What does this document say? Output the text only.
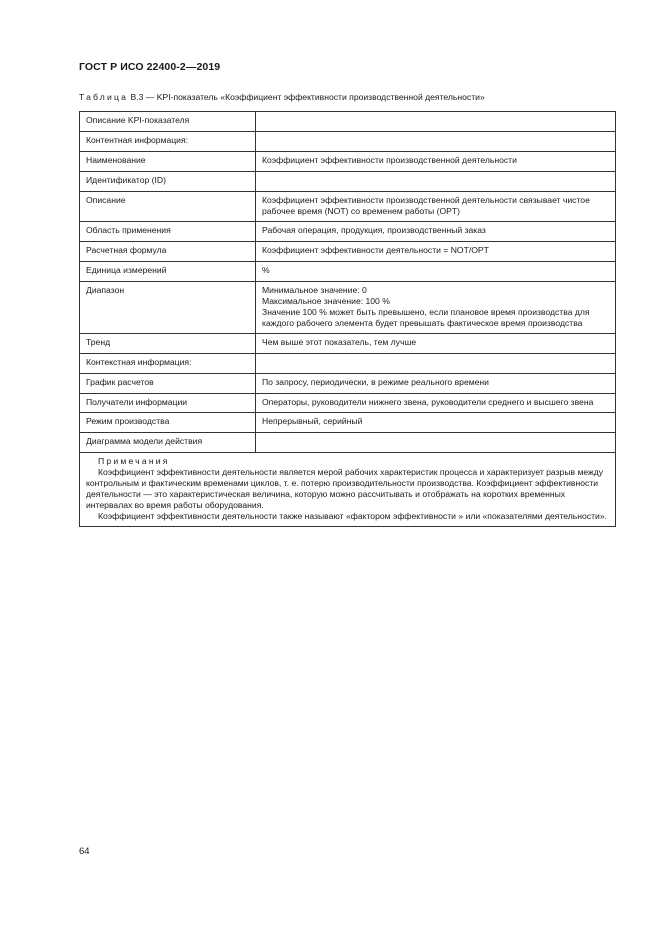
ГОСТ Р ИСО 22400-2—2019
Таблица В.3 — KPI-показатель «Коэффициент эффективности производственной деятельности»
Описание KPI-показателя	
Контентная информация:	
Наименование	Коэффициент эффективности производственной деятельности
Идентификатор (ID)	
Описание	Коэффициент эффективности производственной деятельности связывает чистое рабочее время (NOT) со временем работы (OPT)
Область применения	Рабочая операция, продукция, производственный заказ
Расчетная формула	Коэффициент эффективности деятельности = NOT/OPT
Единица измерений	%
Диапазон	Минимальное значение: 0
Максимальное значение: 100 %
Значение 100 % может быть превышено, если плановое время производства для каждого рабочего элемента будет превышать фактическое время производства

Тренд	Чем выше этот показатель, тем лучше
Контекстная информация:	
График расчетов	По запросу, периодически, в режиме реального времени
Получатели информации	Операторы, руководители нижнего звена, руководители среднего и высшего звена
Режим производства	Непрерывный, серийный
Диаграмма модели действия	

Примечания
Коэффициент эффективности деятельности является мерой рабочих характеристик процесса и характеризует разрыв между контрольным и фактическим временами циклов, т. е. потерю производительности производства. Коэффициент эффективности деятельности — это характеристическая величина, которую можно рассчитывать и отображать на коротких временных интервалах во время работы оборудования.
Коэффициент эффективности деятельности также называют «фактором эффективности » или «показателями деятельности».	
64
